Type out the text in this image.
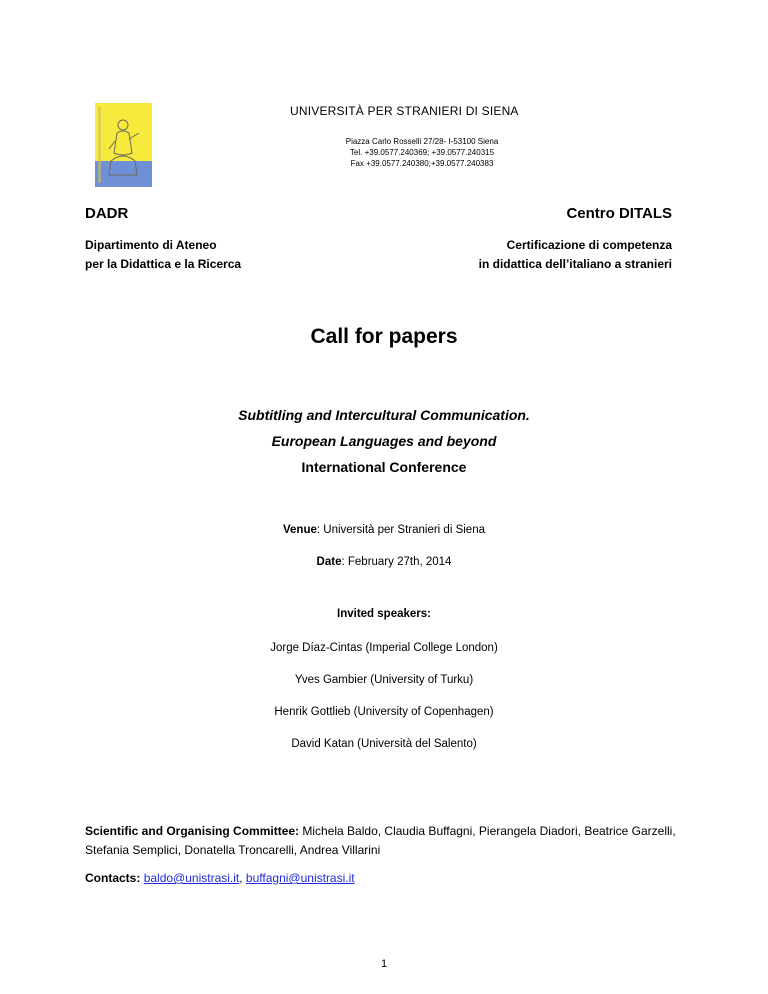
UNIVERSITÀ PER STRANIERI DI SIENA
Piazza Carlo Rosselli 27/28- I-53100 Siena
Tel. +39.0577.240369; +39.0577.240315
Fax +39.0577.240380;+39.0577.240383
DADR	Centro DITALS
Dipartimento di Ateneo
per la Didattica e la Ricerca
Certificazione di competenza
in didattica dell’italiano a stranieri
Call for papers
Subtitling and Intercultural Communication.
European Languages and beyond
International Conference
Venue: Università per Stranieri di Siena
Date: February 27th, 2014
Invited speakers:
Jorge Díaz-Cintas (Imperial College London)
Yves Gambier (University of Turku)
Henrik Gottlieb (University of Copenhagen)
David Katan (Università del Salento)
Scientific and Organising Committee: Michela Baldo, Claudia Buffagni, Pierangela Diadori, Beatrice Garzelli, Stefania Semplici, Donatella Troncarelli, Andrea Villarini
Contacts: baldo@unistrasi.it, buffagni@unistrasi.it
1
